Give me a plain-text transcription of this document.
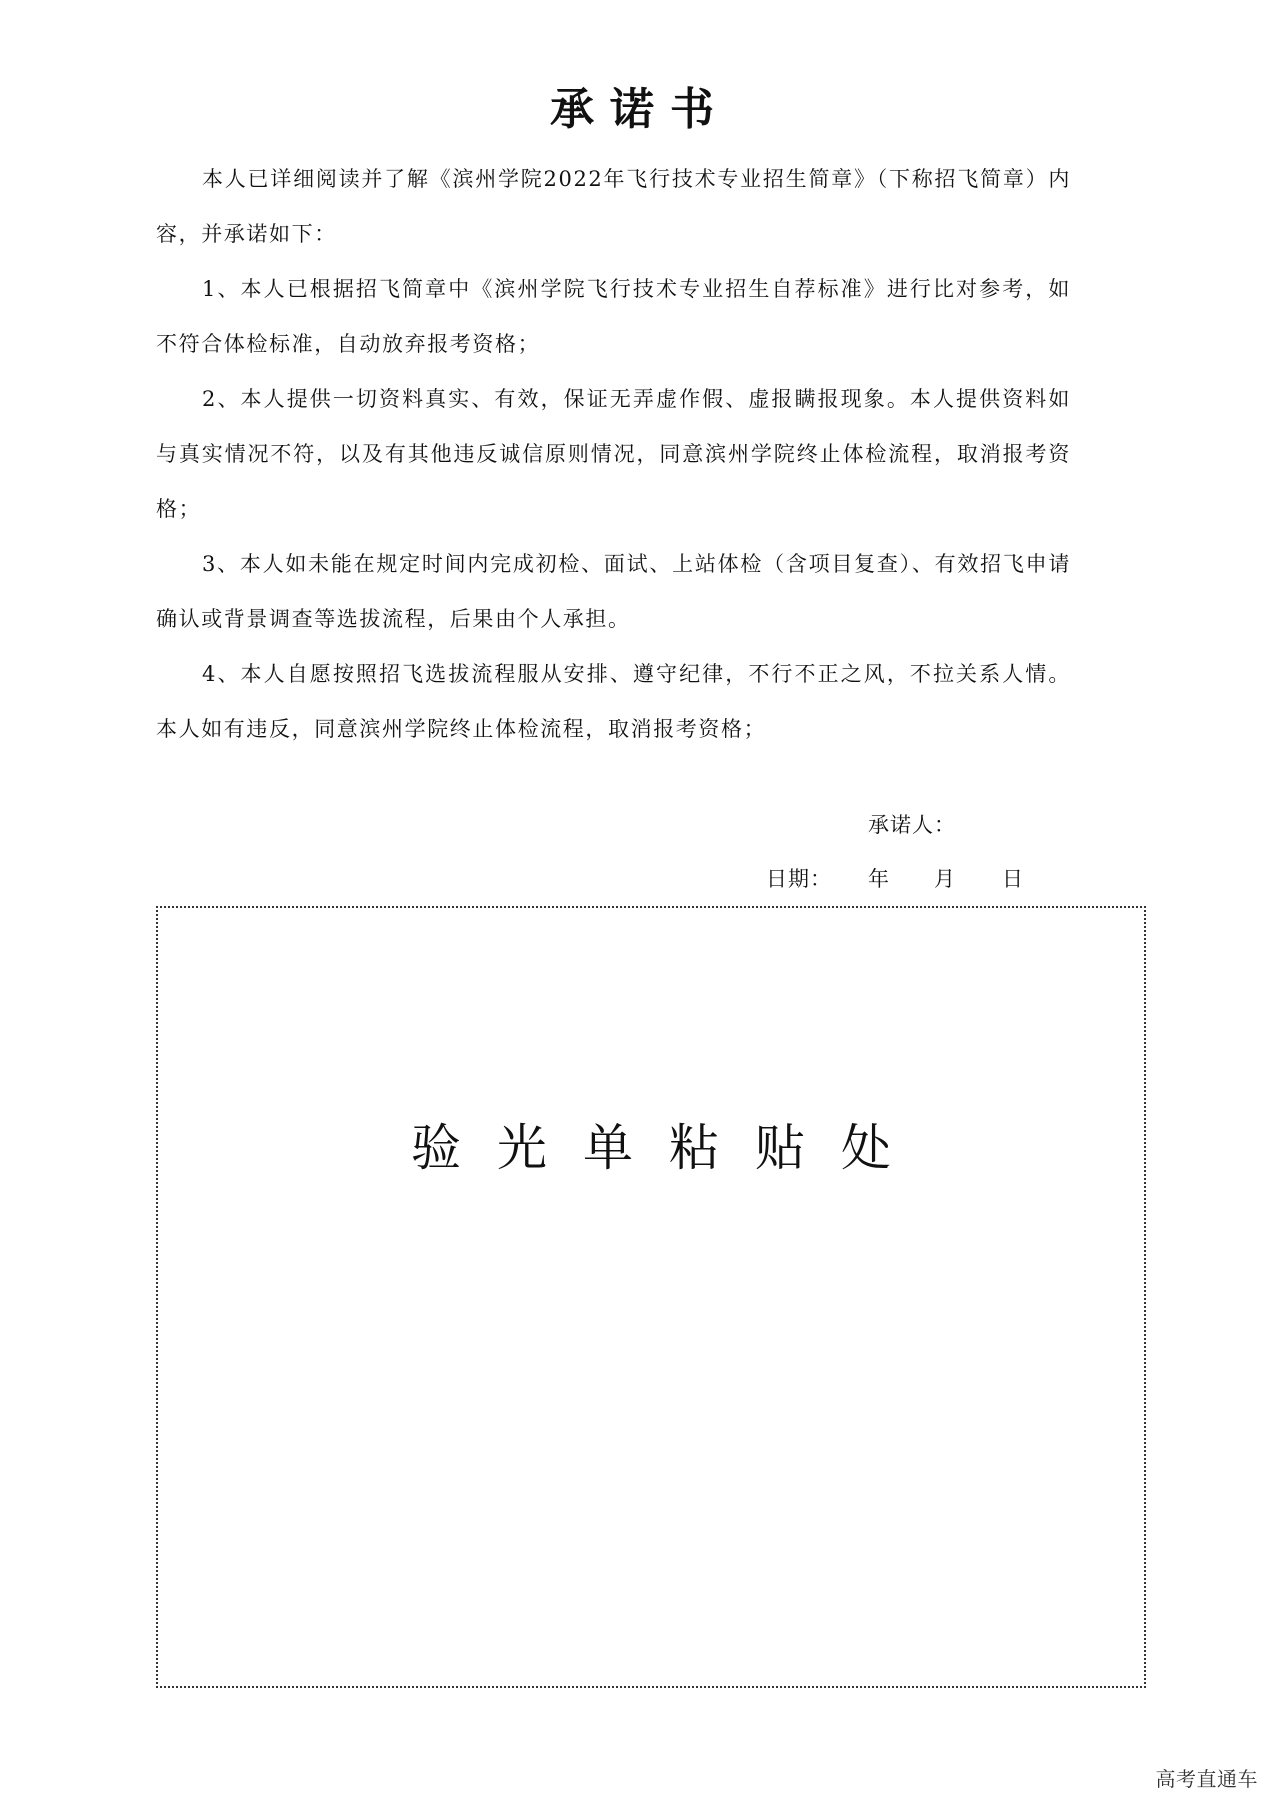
承诺书

本人已详细阅读并了解《滨州学院2022年飞行技术专业招生简章》（下称招飞简章）内容，并承诺如下：

1、本人已根据招飞简章中《滨州学院飞行技术专业招生自荐标准》进行比对参考，如不符合体检标准，自动放弃报考资格；

2、本人提供一切资料真实、有效，保证无弄虚作假、虚报瞒报现象。本人提供资料如与真实情况不符，以及有其他违反诚信原则情况，同意滨州学院终止体检流程，取消报考资格；

3、本人如未能在规定时间内完成初检、面试、上站体检（含项目复查）、有效招飞申请确认或背景调查等选拔流程，后果由个人承担。

4、本人自愿按照招飞选拔流程服从安排、遵守纪律，不行不正之风，不拉关系人情。本人如有违反，同意滨州学院终止体检流程，取消报考资格；

承诺人：
日期： 年 月 日
验光单粘贴处
高考直通车
